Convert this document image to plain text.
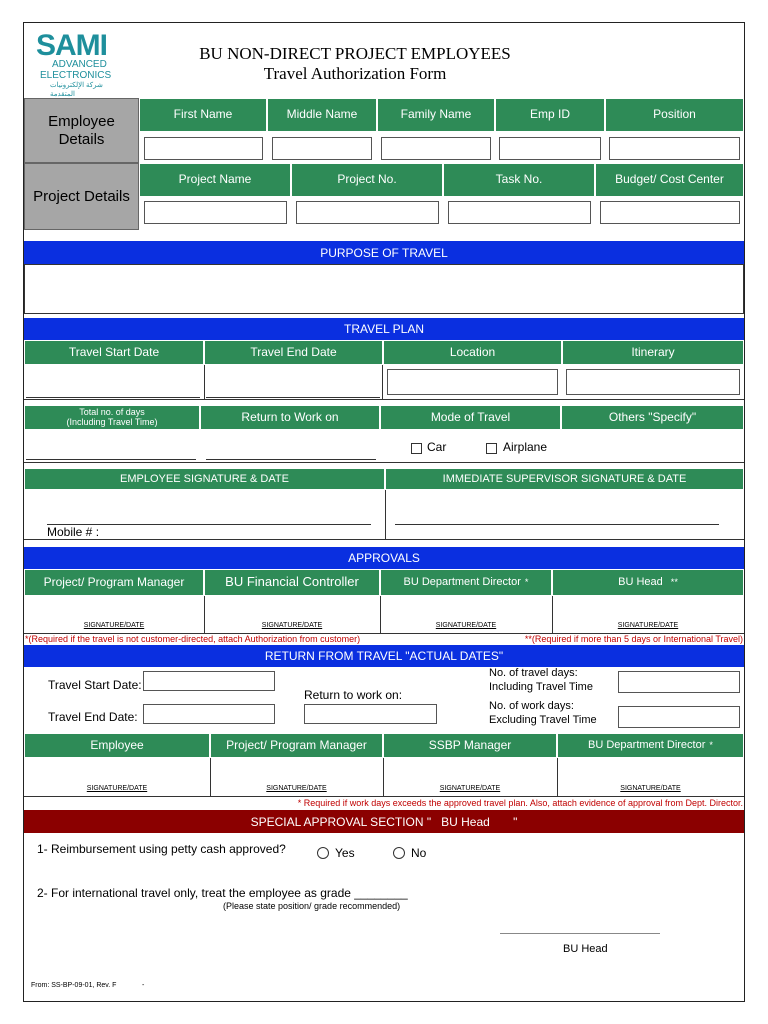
SAMI
ADVANCED
ELECTRONICS
شركة الإلكترونيات المتقدمة
BU NON-DIRECT PROJECT EMPLOYEES
Travel Authorization Form
Employee Details
First Name	Middle Name	Family Name	Emp ID	Position
Project Details
Project Name	Project No.	Task No.	Budget/ Cost Center
PURPOSE OF TRAVEL
TRAVEL PLAN
Travel Start Date	Travel End Date	Location	Itinerary
Total no. of days
(Including Travel Time)	Return to Work on	Mode of Travel	Others "Specify"
Car	Airplane
EMPLOYEE SIGNATURE & DATE	IMMEDIATE SUPERVISOR SIGNATURE & DATE
Mobile # :
APPROVALS
Project/ Program Manager	BU Financial Controller	BU Department Director *	BU Head **
SIGNATURE/DATE	SIGNATURE/DATE	SIGNATURE/DATE	SIGNATURE/DATE
*(Required if the travel is not customer-directed, attach Authorization from customer)	**(Required if more than 5 days or International Travel)
RETURN FROM TRAVEL "ACTUAL DATES"
Travel Start Date:
Travel End Date:
Return to work on:
No. of travel days:
Including Travel Time
No. of work days:
Excluding Travel Time
Employee	Project/ Program Manager	SSBP Manager	BU Department Director *
SIGNATURE/DATE	SIGNATURE/DATE	SIGNATURE/DATE	SIGNATURE/DATE
* Required if work days exceeds the approved travel plan. Also, attach evidence of approval from Dept. Director.
SPECIAL APPROVAL SECTION "   BU Head       "
1- Reimbursement using petty cash approved?	Yes	No
2- For international travel only, treat the employee as grade ________
(Please state position/ grade recommended)
BU Head
From: SS-BP-09-01, Rev. F	-
